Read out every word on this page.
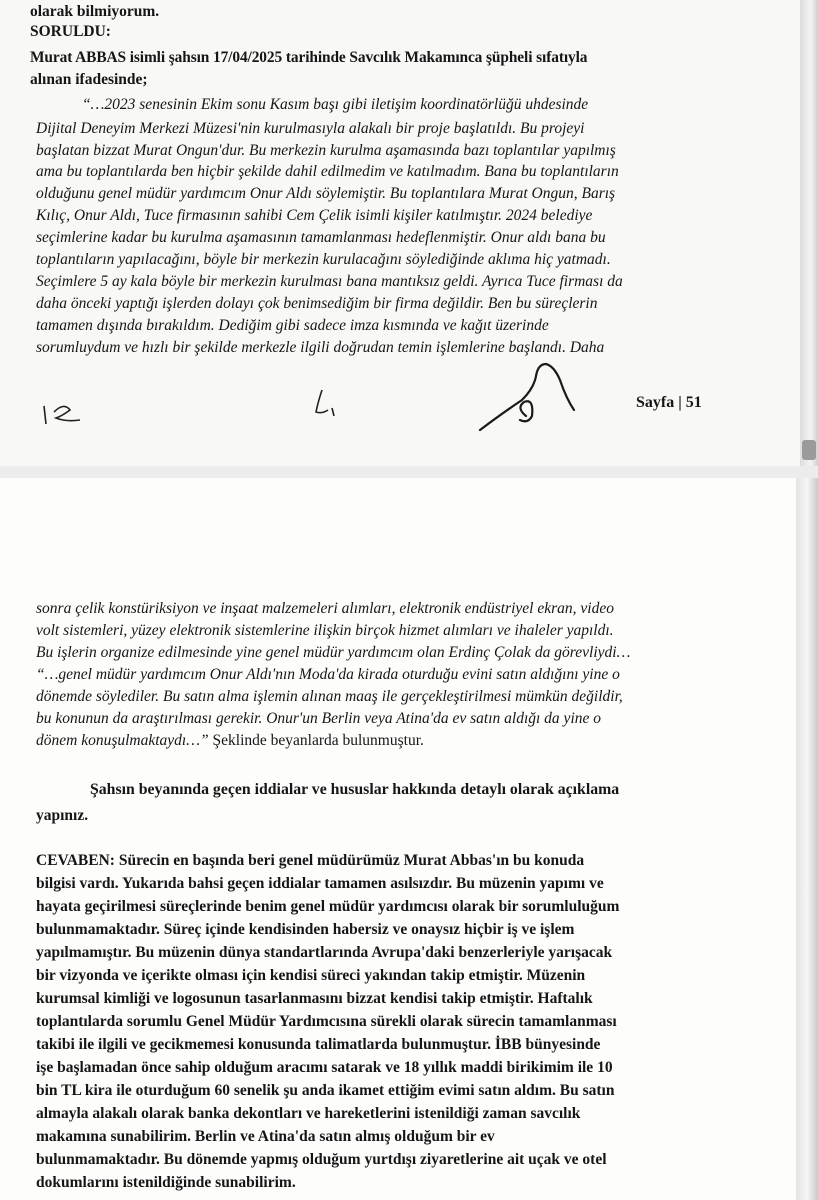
olarak bilmiyorum.
SORULDU:
Murat ABBAS isimli şahsın 17/04/2025 tarihinde Savcılık Makamınca şüpheli sıfatıyla
alınan ifadesinde;
“…2023 senesinin Ekim sonu Kasım başı gibi iletişim koordinatörlüğü uhdesinde
Dijital Deneyim Merkezi Müzesi'nin kurulmasıyla alakalı bir proje başlatıldı. Bu projeyi
başlatan bizzat Murat Ongun'dur. Bu merkezin kurulma aşamasında bazı toplantılar yapılmış
ama bu toplantılarda ben hiçbir şekilde dahil edilmedim ve katılmadım. Bana bu toplantıların
olduğunu genel müdür yardımcım Onur Aldı söylemiştir. Bu toplantılara Murat Ongun, Barış
Kılıç, Onur Aldı, Tuce firmasının sahibi Cem Çelik isimli kişiler katılmıştır. 2024 belediye
seçimlerine kadar bu kurulma aşamasının tamamlanması hedeflenmiştir. Onur aldı bana bu
toplantıların yapılacağını, böyle bir merkezin kurulacağını söylediğinde aklıma hiç yatmadı.
Seçimlere 5 ay kala böyle bir merkezin kurulması bana mantıksız geldi. Ayrıca Tuce firması da
daha önceki yaptığı işlerden dolayı çok benimsediğim bir firma değildir. Ben bu süreçlerin
tamamen dışında bırakıldım. Dediğim gibi sadece imza kısmında ve kağıt üzerinde
sorumluydum ve hızlı bir şekilde merkezle ilgili doğrudan temin işlemlerine başlandı. Daha
Sayfa | 51
sonra çelik konstüriksiyon ve inşaat malzemeleri alımları, elektronik endüstriyel ekran, video
volt sistemleri, yüzey elektronik sistemlerine ilişkin birçok hizmet alımları ve ihaleler yapıldı.
Bu işlerin organize edilmesinde yine genel müdür yardımcım olan Erdinç Çolak da görevliydi…
“…genel müdür yardımcım Onur Aldı'nın Moda'da kirada oturduğu evini satın aldığını yine o
dönemde söylediler. Bu satın alma işlemin alınan maaş ile gerçekleştirilmesi mümkün değildir,
bu konunun da araştırılması gerekir. Onur'un Berlin veya Atina'da ev satın aldığı da yine o
dönem konuşulmaktaydı…” Şeklinde beyanlarda bulunmuştur.
Şahsın beyanında geçen iddialar ve hususlar hakkında detaylı olarak açıklama
yapınız.
CEVABEN: Sürecin en başında beri genel müdürümüz Murat Abbas'ın bu konuda
bilgisi vardı. Yukarıda bahsi geçen iddialar tamamen asılsızdır. Bu müzenin yapımı ve
hayata geçirilmesi süreçlerinde benim genel müdür yardımcısı olarak bir sorumluluğum
bulunmamaktadır. Süreç içinde kendisinden habersiz ve onaysız hiçbir iş ve işlem
yapılmamıştır. Bu müzenin dünya standartlarında Avrupa'daki benzerleriyle yarışacak
bir vizyonda ve içerikte olması için kendisi süreci yakından takip etmiştir. Müzenin
kurumsal kimliği ve logosunun tasarlanmasını bizzat kendisi takip etmiştir. Haftalık
toplantılarda sorumlu Genel Müdür Yardımcısına sürekli olarak sürecin tamamlanması
takibi ile ilgili ve gecikmemesi konusunda talimatlarda bulunmuştur. İBB bünyesinde
işe başlamadan önce sahip olduğum aracımı satarak ve 18 yıllık maddi birikimim ile 10
bin TL kira ile oturduğum 60 senelik şu anda ikamet ettiğim evimi satın aldım. Bu satın
almayla alakalı olarak banka dekontları ve hareketlerini istenildiği zaman savcılık
makamına sunabilirim. Berlin ve Atina'da satın almış olduğum bir ev
bulunmamaktadır. Bu dönemde yapmış olduğum yurtdışı ziyaretlerine ait uçak ve otel
dokumlarını istenildiğinde sunabilirim.
